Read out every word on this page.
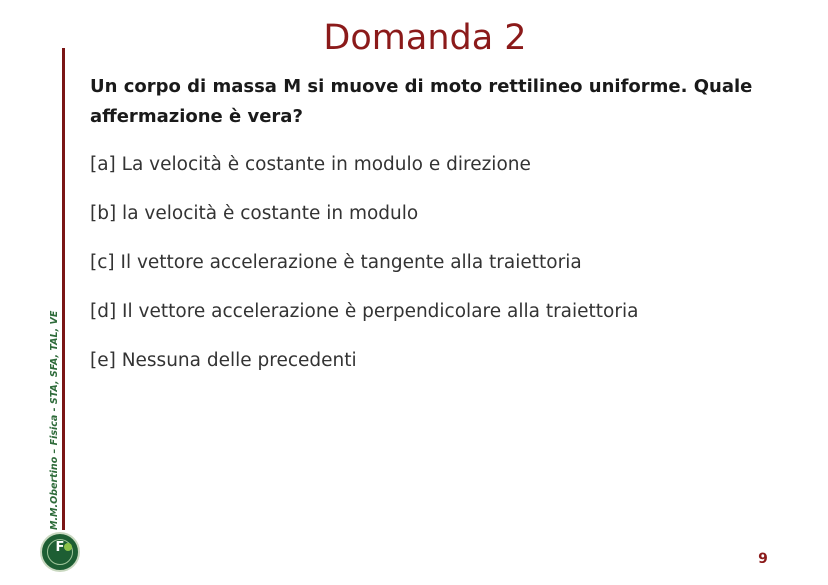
Domanda 2
M.M.Obertino – Fisica - STA, SFA, TAL, VE

Un corpo di massa M si muove di moto rettilineo uniforme. Quale affermazione è vera?

[a] La velocità è costante in modulo e direzione
[b] la velocità è costante in modulo
[c] Il vettore accelerazione è tangente alla traiettoria
[d] Il vettore accelerazione è perpendicolare alla traiettoria
[e] Nessuna delle precedenti
F
9
